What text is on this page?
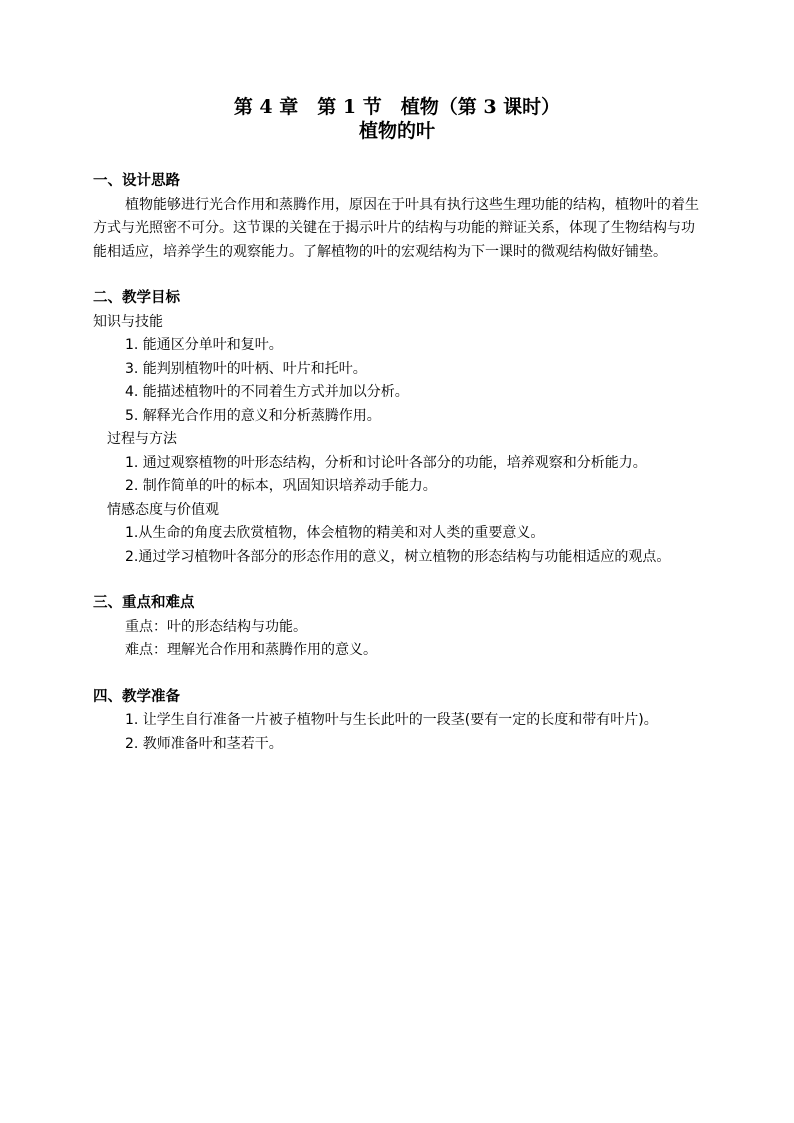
第 4 章　第 1 节　植物（第 3 课时）
植物的叶
一、设计思路

植物能够进行光合作用和蒸腾作用，原因在于叶具有执行这些生理功能的结构，植物叶的着生方式与光照密不可分。这节课的关键在于揭示叶片的结构与功能的辩证关系，体现了生物结构与功能相适应，培养学生的观察能力。了解植物的叶的宏观结构为下一课时的微观结构做好铺垫。

二、教学目标

知识与技能

1. 能通区分单叶和复叶。

3. 能判别植物叶的叶柄、叶片和托叶。

4. 能描述植物叶的不同着生方式并加以分析。

5. 解释光合作用的意义和分析蒸腾作用。

过程与方法

1. 通过观察植物的叶形态结构，分析和讨论叶各部分的功能，培养观察和分析能力。

2. 制作简单的叶的标本，巩固知识培养动手能力。

情感态度与价值观

1.从生命的角度去欣赏植物，体会植物的精美和对人类的重要意义。

2.通过学习植物叶各部分的形态作用的意义，树立植物的形态结构与功能相适应的观点。

三、重点和难点

重点：叶的形态结构与功能。

难点：理解光合作用和蒸腾作用的意义。

四、教学准备

1. 让学生自行准备一片被子植物叶与生长此叶的一段茎(要有一定的长度和带有叶片)。

2. 教师准备叶和茎若干。
